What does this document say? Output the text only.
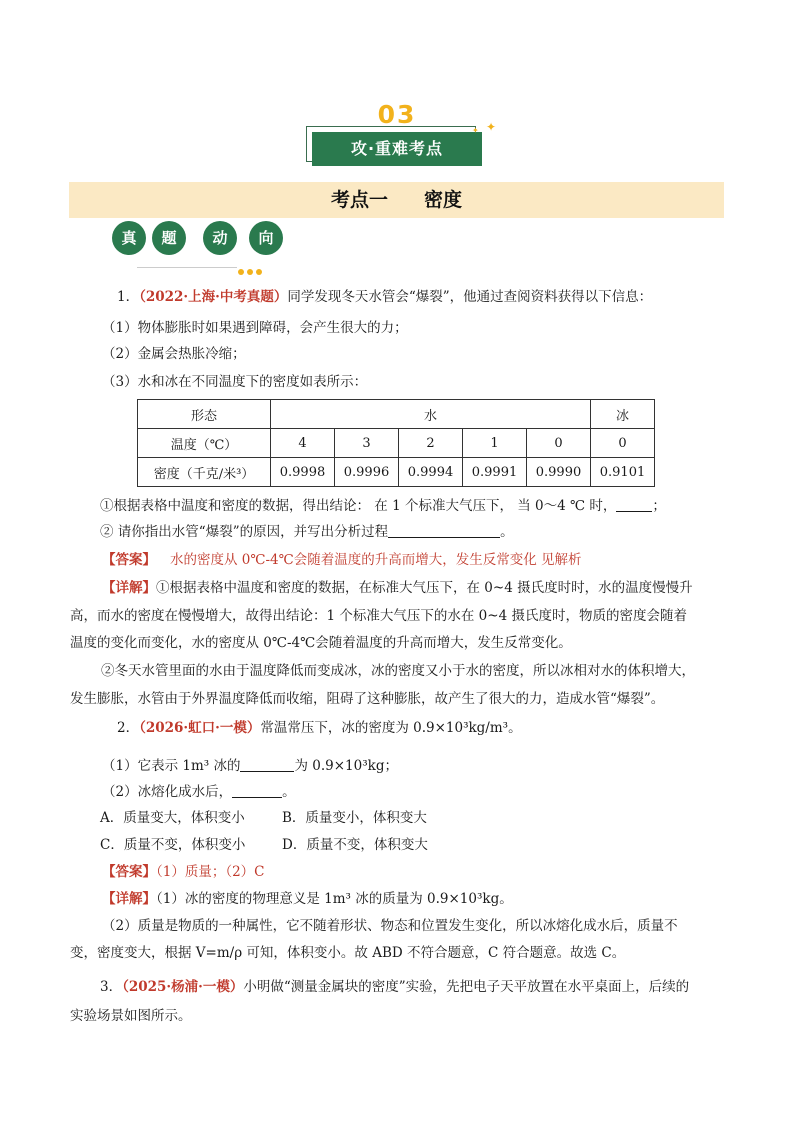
03
攻·重难考点
✦
✦
考点一 密度
真	题	动	向
1．（2022·上海·中考真题）同学发现冬天水管会“爆裂”，他通过查阅资料获得以下信息：
（1）物体膨胀时如果遇到障碍，会产生很大的力；
（2）金属会热胀冷缩；
（3）水和冰在不同温度下的密度如表所示：
形态	水					冰
温度（℃）	4	3	2	1	0	0
密度（千克/米³）	0.9998	0.9996	0.9994	0.9991	0.9990	0.9101
①根据表格中温度和密度的数据，得出结论： 在 1 个标准大气压下， 当 0～4 ℃ 时，	；
② 请你指出水管“爆裂”的原因，并写出分析过程	。
【答案】 水的密度从 0℃-4℃会随着温度的升高而增大，发生反常变化 见解析
【详解】①根据表格中温度和密度的数据，在标准大气压下，在 0~4 摄氏度时时，水的温度慢慢升
高，而水的密度在慢慢增大，故得出结论：1 个标准大气压下的水在 0~4 摄氏度时，物质的密度会随着
温度的变化而变化，水的密度从 0℃-4℃会随着温度的升高而增大，发生反常变化。
②冬天水管里面的水由于温度降低而变成冰，冰的密度又小于水的密度，所以冰相对水的体积增大，
发生膨胀，水管由于外界温度降低而收缩，阻碍了这种膨胀，故产生了很大的力，造成水管“爆裂”。
2．（2026·虹口·一模）常温常压下，冰的密度为 0.9×10³kg/m³。
（1）它表示 1m³ 冰的	为 0.9×10³kg；
（2）冰熔化成水后，	。
A．质量变大，体积变小	B．质量变小，体积变大
C．质量不变，体积变小	D．质量不变，体积变大
【答案】（1）质量；（2）C
【详解】（1）冰的密度的物理意义是 1m³ 冰的质量为 0.9×10³kg。
（2）质量是物质的一种属性，它不随着形状、物态和位置发生变化，所以冰熔化成水后，质量不
变，密度变大，根据 V=m/ρ 可知，体积变小。故 ABD 不符合题意，C 符合题意。故选 C。
3．（2025·杨浦·一模）小明做“测量金属块的密度”实验，先把电子天平放置在水平桌面上，后续的
实验场景如图所示。
